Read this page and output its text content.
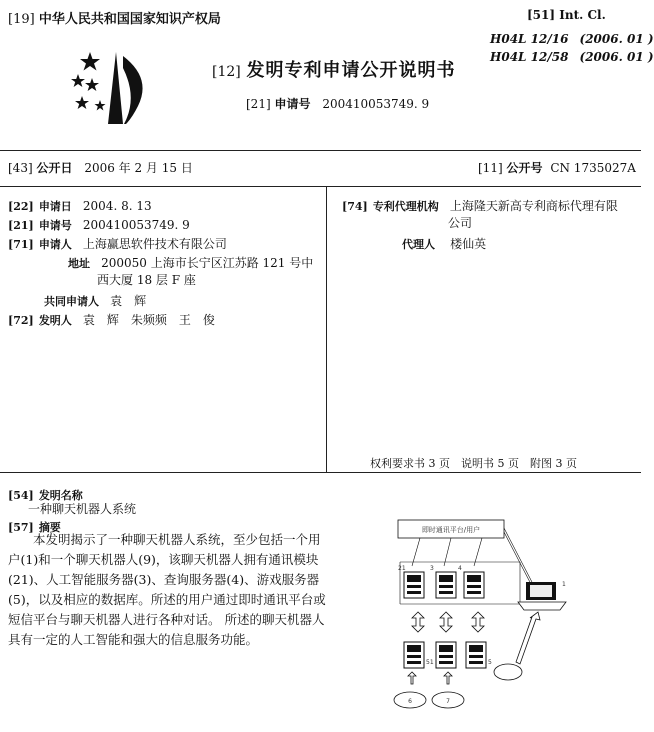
[19] 中华人民共和国国家知识产权局	[51] Int. Cl.
H04L 12/16 (2006. 01 )
H04L 12/58 (2006. 01 )
[12] 发明专利申请公开说明书
[21] 申请号 200410053749. 9
[43] 公开日 2006 年 2 月 15 日	[11] 公开号 CN 1735027A
[22] 申请日 2004. 8. 13
[21] 申请号 200410053749. 9
[71] 申请人 上海赢思软件技术有限公司
地址 200050 上海市长宁区江苏路 121 号中
西大厦 18 层 F 座
共同申请人 袁　辉
[72] 发明人 袁　辉　朱频频　王　俊
[74] 专利代理机构 上海隆天新高专利商标代理有限
公司
代理人 楼仙英
权利要求书 3 页　说明书 5 页　附图 3 页
[54] 发明名称
一种聊天机器人系统
[57] 摘要
本发明揭示了一种聊天机器人系统，至少包括一个用户(1)和一个聊天机器人(9)，该聊天机器人拥有通讯模块(21)、人工智能服务器(3)、查询服务器(4)、游戏服务器(5)，以及相应的数据库。所述的用户通过即时通讯平台或短信平台与聊天机器人进行各种对话。 所述的聊天机器人具有一定的人工智能和强大的信息服务功能。
即时通讯平台/用户
21	3	4
1
51	5
6	7
